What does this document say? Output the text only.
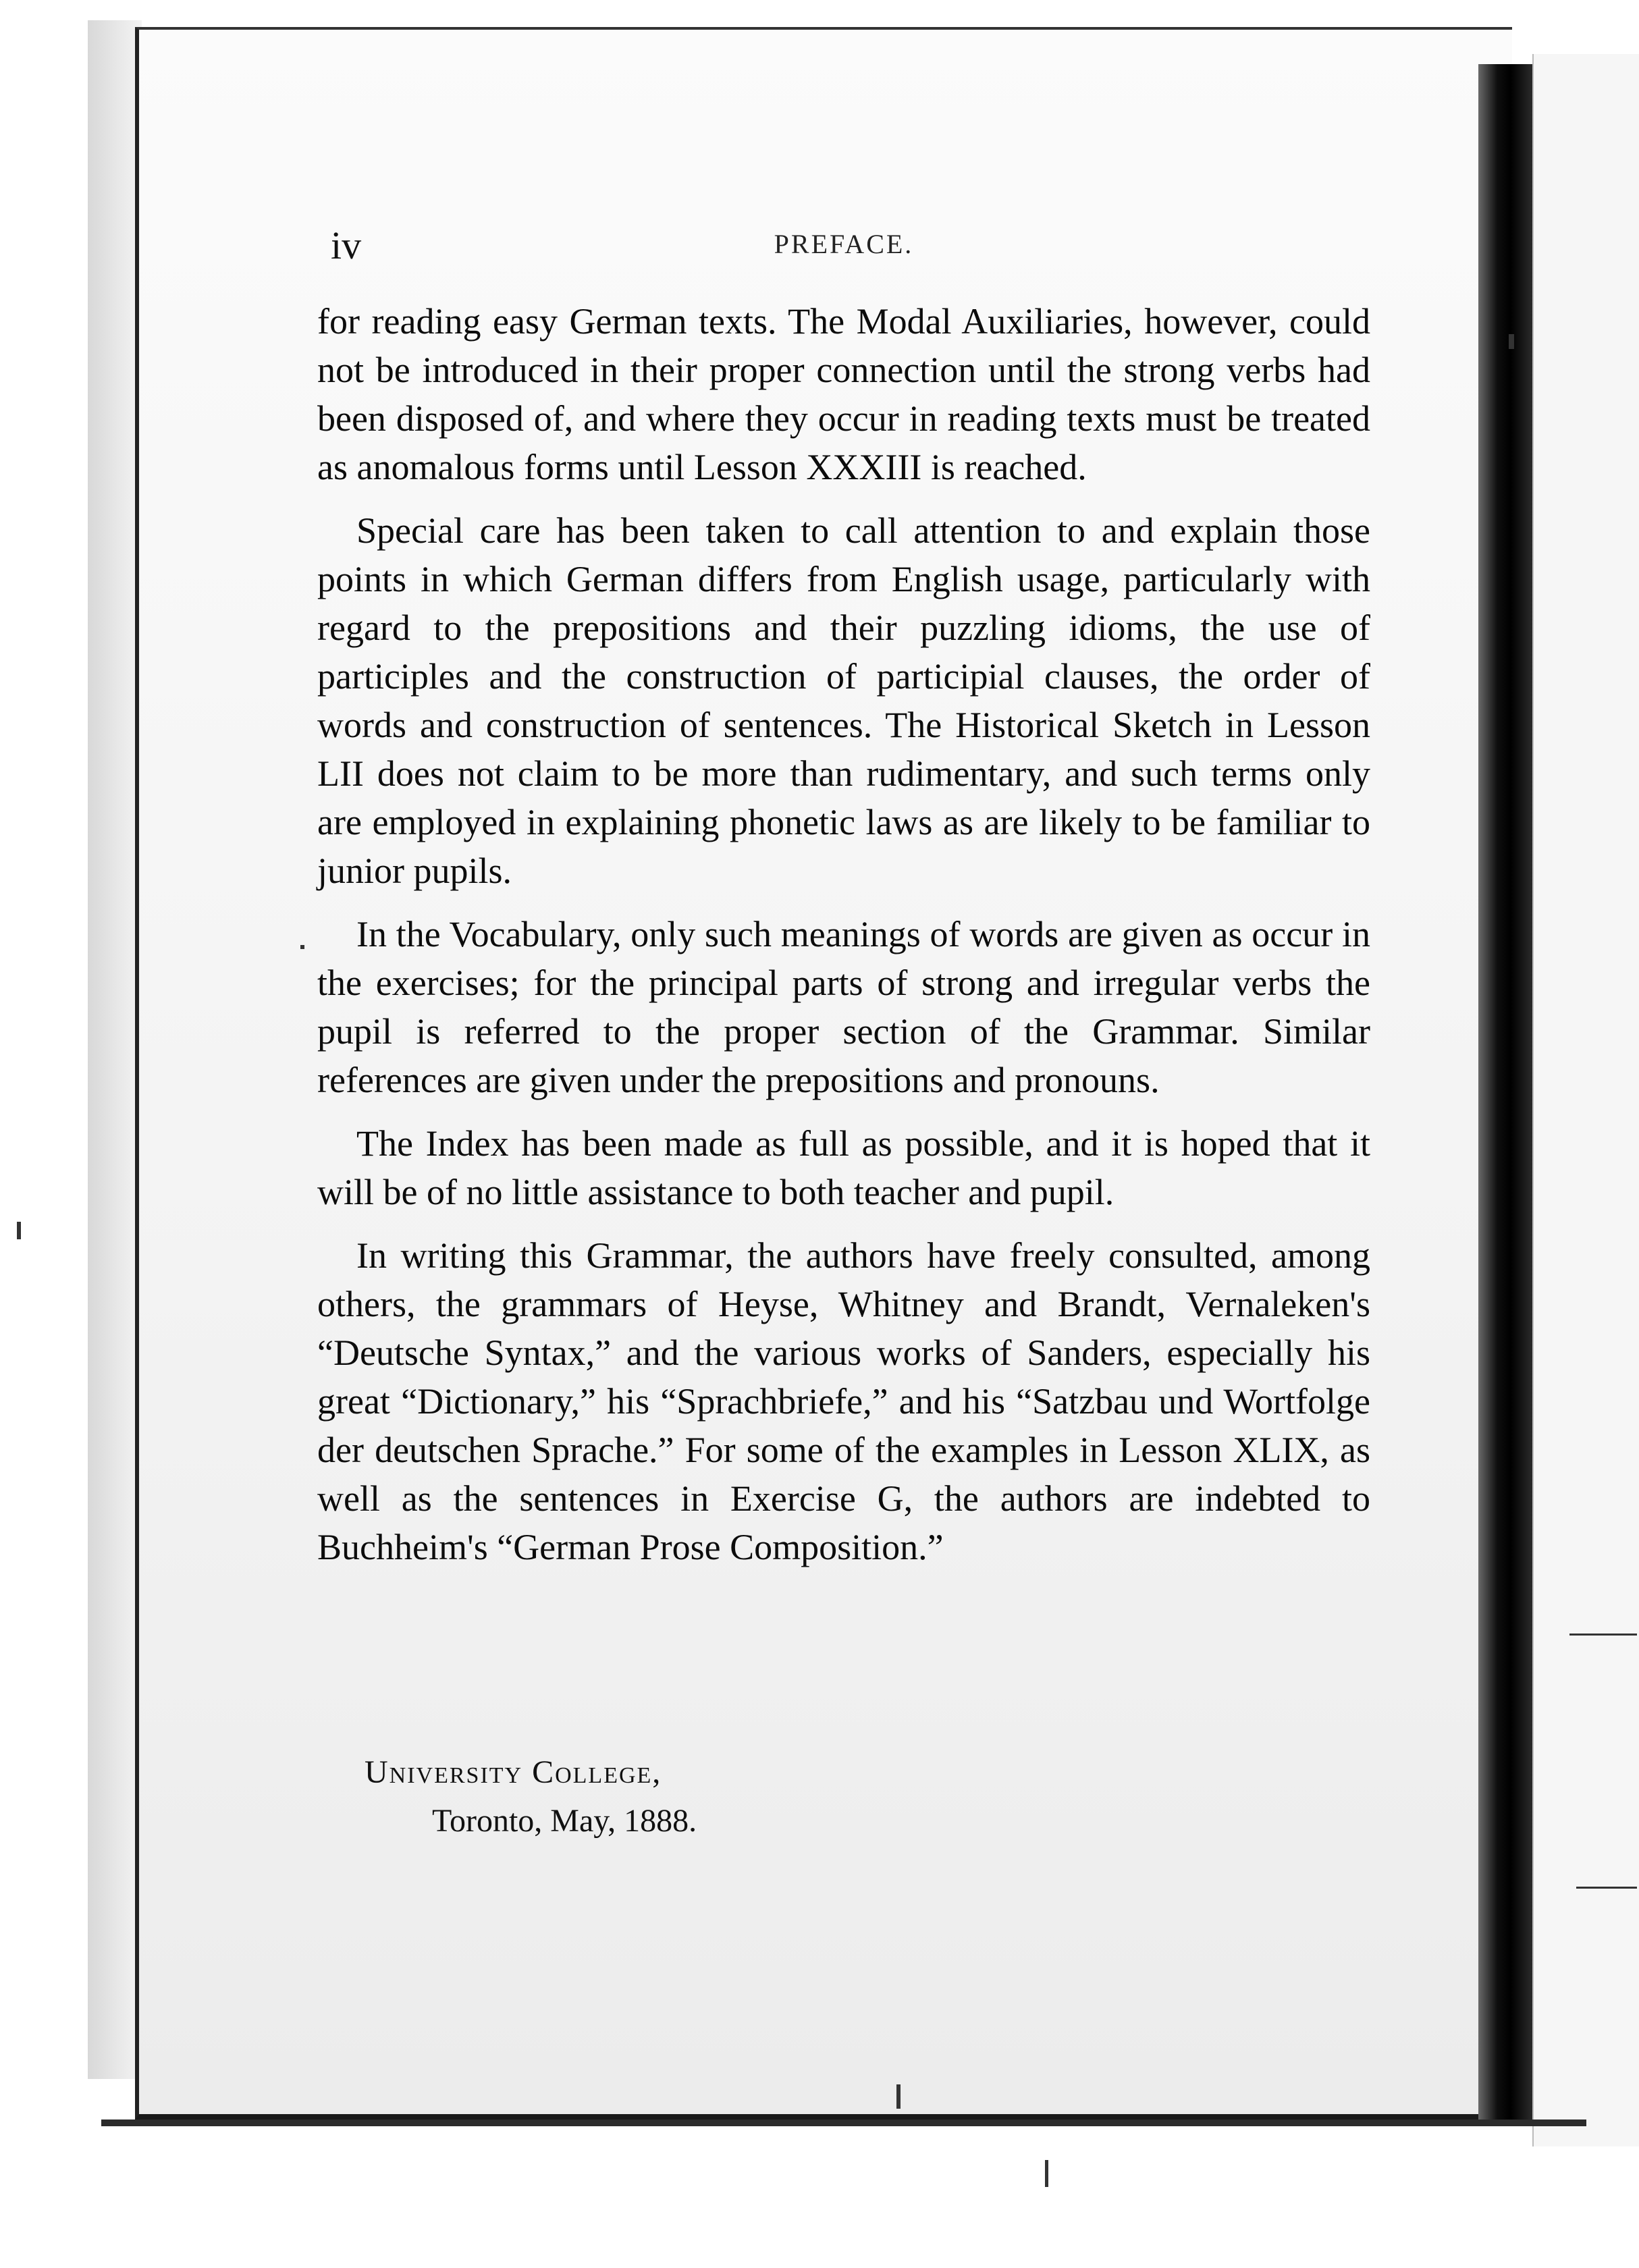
iv	PREFACE.

for reading easy German texts. The Modal Auxiliaries, however, could not be introduced in their proper connection until the strong verbs had been disposed of, and where they occur in reading texts must be treated as anomalous forms until Lesson XXXIII is reached.

Special care has been taken to call attention to and explain those points in which German differs from English usage, particularly with regard to the prepositions and their puzzling idioms, the use of participles and the construction of participial clauses, the order of words and construction of sentences. The Historical Sketch in Lesson LII does not claim to be more than rudimentary, and such terms only are employed in explaining phonetic laws as are likely to be familiar to junior pupils.

In the Vocabulary, only such meanings of words are given as occur in the exercises; for the principal parts of strong and irregular verbs the pupil is referred to the proper section of the Grammar. Similar references are given under the prepositions and pronouns.

The Index has been made as full as possible, and it is hoped that it will be of no little assistance to both teacher and pupil.

In writing this Grammar, the authors have freely consulted, among others, the grammars of Heyse, Whitney and Brandt, Vernaleken's “Deutsche Syntax,” and the various works of Sanders, especially his great “Dictionary,” his “Sprachbriefe,” and his “Satzbau und Wortfolge der deutschen Sprache.” For some of the examples in Lesson XLIX, as well as the sentences in Exercise G, the authors are indebted to Buchheim's “German Prose Composition.”

University College,
Toronto, May, 1888.
